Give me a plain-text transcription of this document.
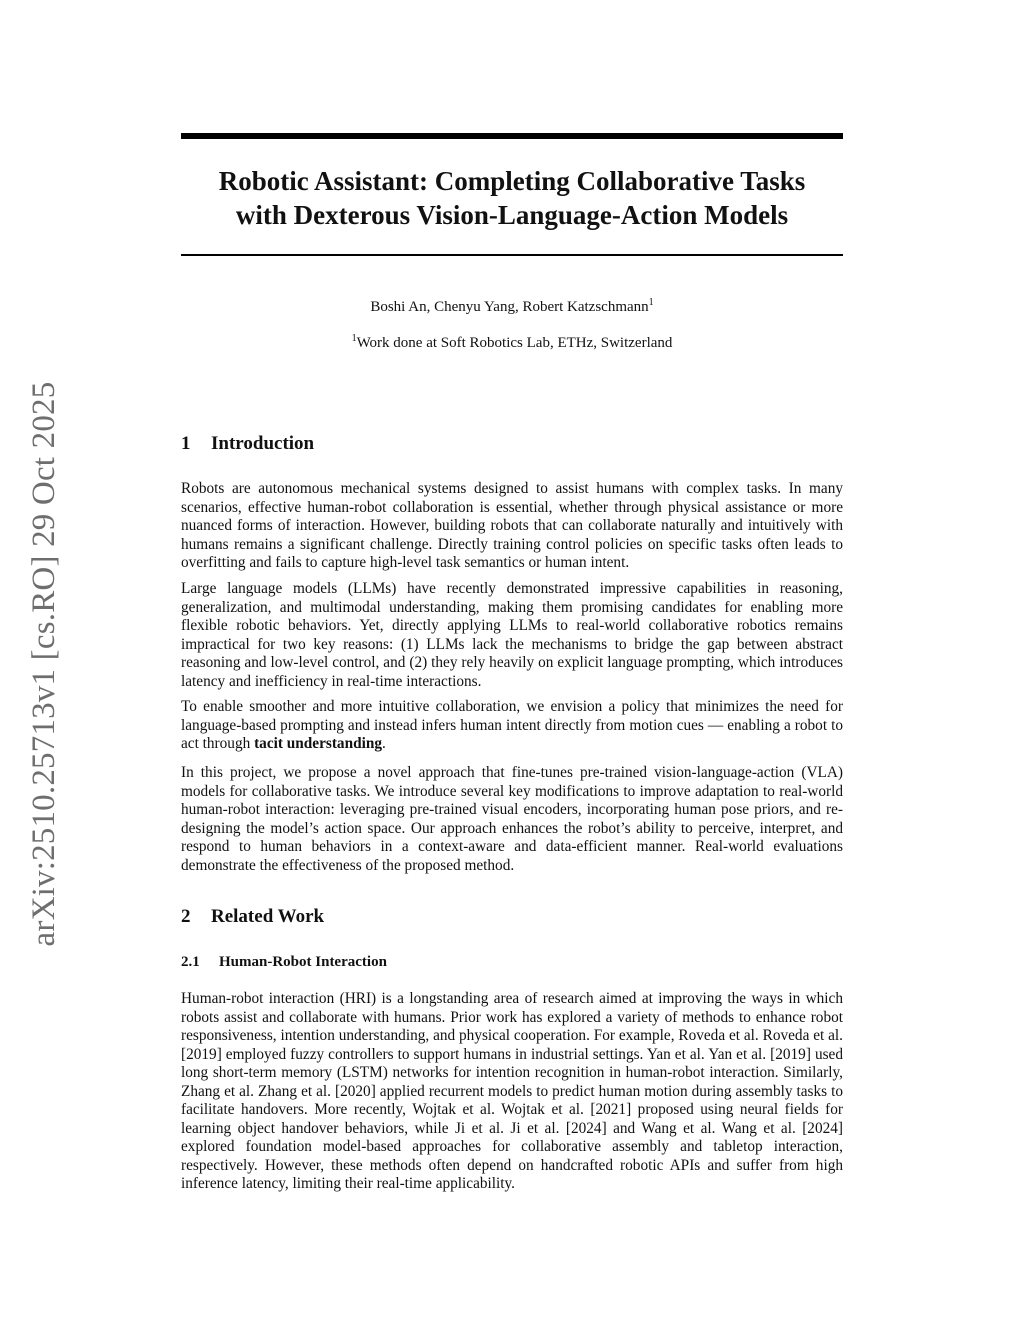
arXiv:2510.25713v1 [cs.RO] 29 Oct 2025
Robotic Assistant: Completing Collaborative Tasks
with Dexterous Vision-Language-Action Models

Boshi An, Chenyu Yang, Robert Katzschmann$^1$

$^1$Work done at Soft Robotics Lab, ETHz, Switzerland

1 Introduction

Robots are autonomous mechanical systems designed to assist humans with complex tasks. In many scenarios, effective human-robot collaboration is essential, whether through physical assistance or more nuanced forms of interaction. However, building robots that can collaborate naturally and intuitively with humans remains a significant challenge. Directly training control policies on specific tasks often leads to overfitting and fails to capture high-level task semantics or human intent.

Large language models (LLMs) have recently demonstrated impressive capabilities in reasoning, generalization, and multimodal understanding, making them promising candidates for enabling more flexible robotic behaviors. Yet, directly applying LLMs to real-world collaborative robotics remains impractical for two key reasons: (1) LLMs lack the mechanisms to bridge the gap between abstract reasoning and low-level control, and (2) they rely heavily on explicit language prompting, which introduces latency and inefficiency in real-time interactions.

To enable smoother and more intuitive collaboration, we envision a policy that minimizes the need for language-based prompting and instead infers human intent directly from motion cues — enabling a robot to act through tacit understanding.

In this project, we propose a novel approach that fine-tunes pre-trained vision-language-action (VLA) models for collaborative tasks. We introduce several key modifications to improve adaptation to real-world human-robot interaction: leveraging pre-trained visual encoders, incorporating human pose priors, and re-designing the model’s action space. Our approach enhances the robot’s ability to perceive, interpret, and respond to human behaviors in a context-aware and data-efficient manner. Real-world evaluations demonstrate the effectiveness of the proposed method.

2 Related Work
2.1 Human-Robot Interaction

Human-robot interaction (HRI) is a longstanding area of research aimed at improving the ways in which robots assist and collaborate with humans. Prior work has explored a variety of methods to enhance robot responsiveness, intention understanding, and physical cooperation. For example, Roveda et al. Roveda et al. [2019] employed fuzzy controllers to support humans in industrial settings. Yan et al. Yan et al. [2019] used long short-term memory (LSTM) networks for intention recognition in human-robot interaction. Similarly, Zhang et al. Zhang et al. [2020] applied recurrent models to predict human motion during assembly tasks to facilitate handovers. More recently, Wojtak et al. Wojtak et al. [2021] proposed using neural fields for learning object handover behaviors, while Ji et al. Ji et al. [2024] and Wang et al. Wang et al. [2024] explored foundation model-based approaches for collaborative assembly and tabletop interaction, respectively. However, these methods often depend on handcrafted robotic APIs and suffer from high inference latency, limiting their real-time applicability.
